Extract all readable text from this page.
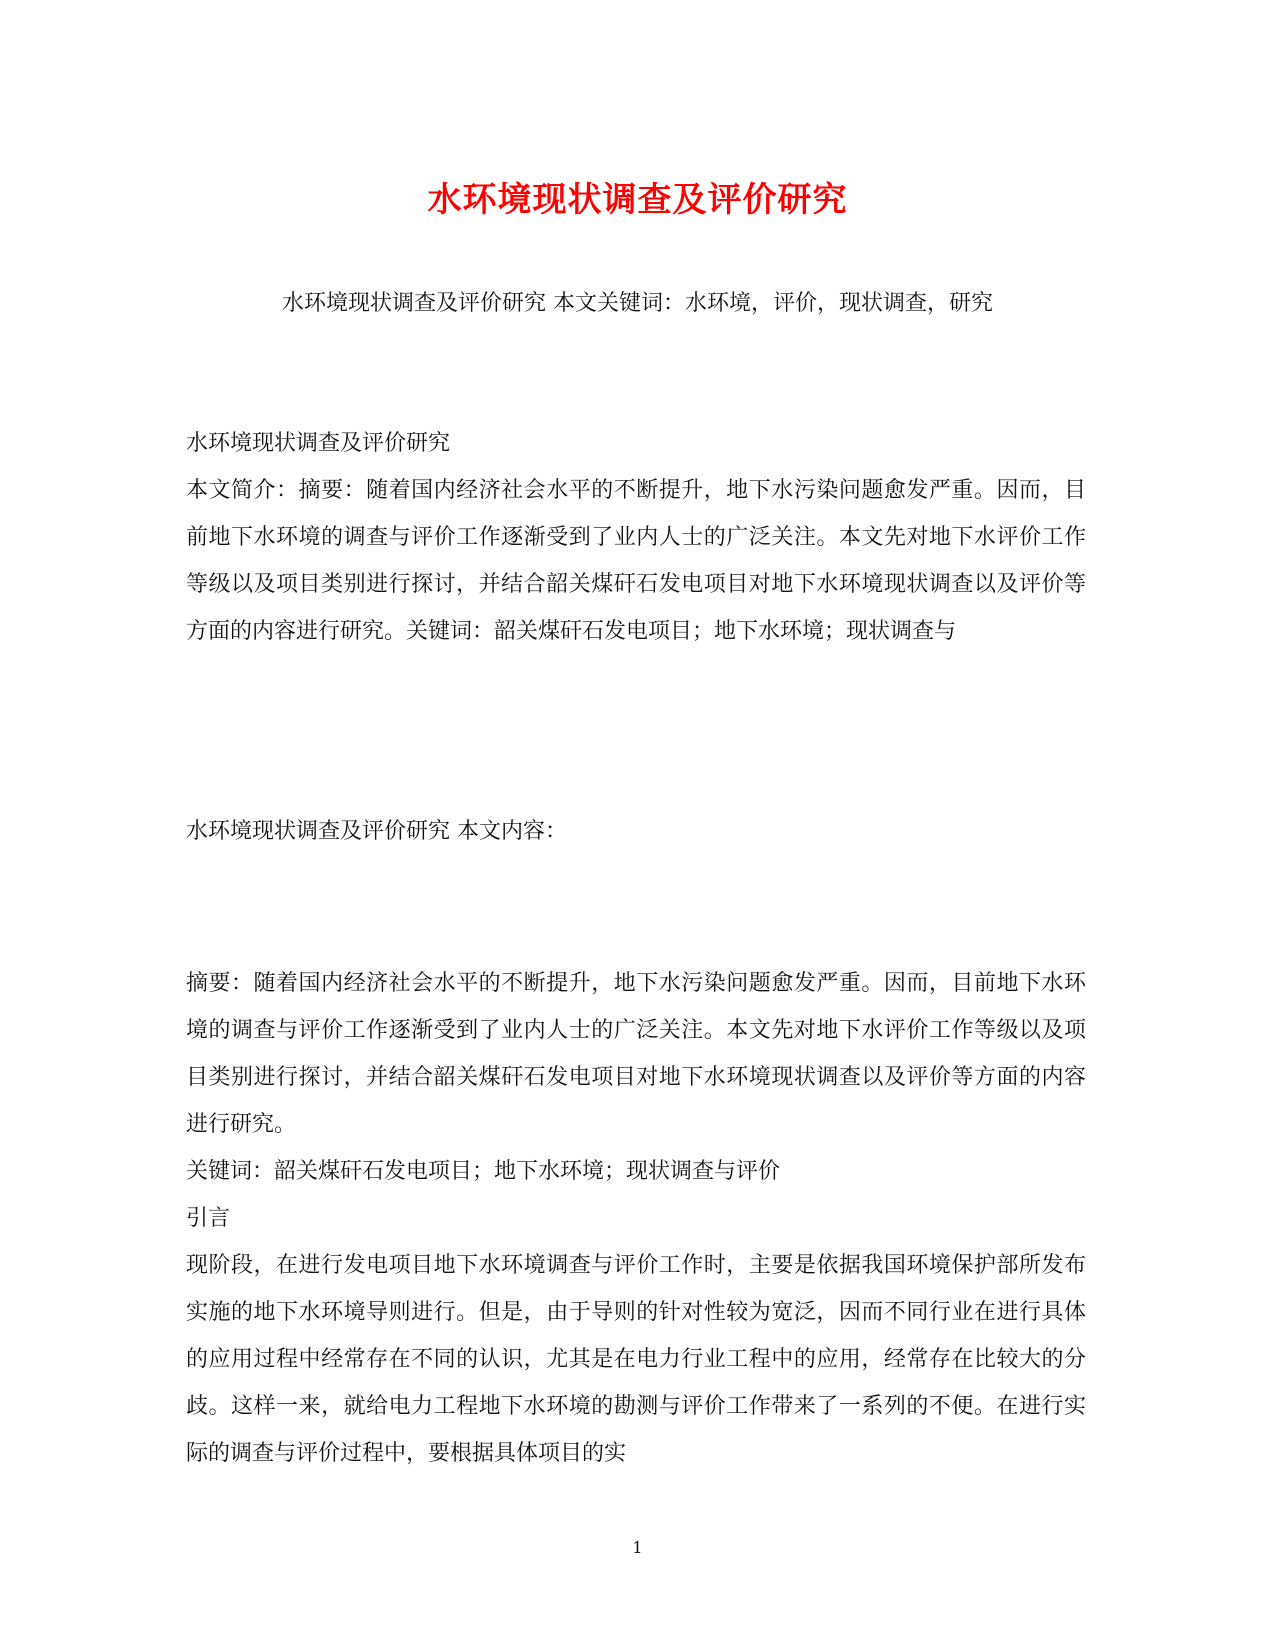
水环境现状调查及评价研究

水环境现状调查及评价研究 本文关键词：水环境，评价，现状调查，研究

水环境现状调查及评价研究

本文简介：摘要：随着国内经济社会水平的不断提升，地下水污染问题愈发严重。因而，目前地下水环境的调查与评价工作逐渐受到了业内人士的广泛关注。本文先对地下水评价工作等级以及项目类别进行探讨，并结合韶关煤矸石发电项目对地下水环境现状调查以及评价等方面的内容进行研究。关键词：韶关煤矸石发电项目；地下水环境；现状调查与

水环境现状调查及评价研究 本文内容：

摘要：随着国内经济社会水平的不断提升，地下水污染问题愈发严重。因而，目前地下水环境的调查与评价工作逐渐受到了业内人士的广泛关注。本文先对地下水评价工作等级以及项目类别进行探讨，并结合韶关煤矸石发电项目对地下水环境现状调查以及评价等方面的内容进行研究。

关键词：韶关煤矸石发电项目；地下水环境；现状调查与评价

引言

现阶段，在进行发电项目地下水环境调查与评价工作时，主要是依据我国环境保护部所发布实施的地下水环境导则进行。但是，由于导则的针对性较为宽泛，因而不同行业在进行具体的应用过程中经常存在不同的认识，尤其是在电力行业工程中的应用，经常存在比较大的分歧。这样一来，就给电力工程地下水环境的勘测与评价工作带来了一系列的不便。在进行实际的调查与评价过程中，要根据具体项目的实

1
